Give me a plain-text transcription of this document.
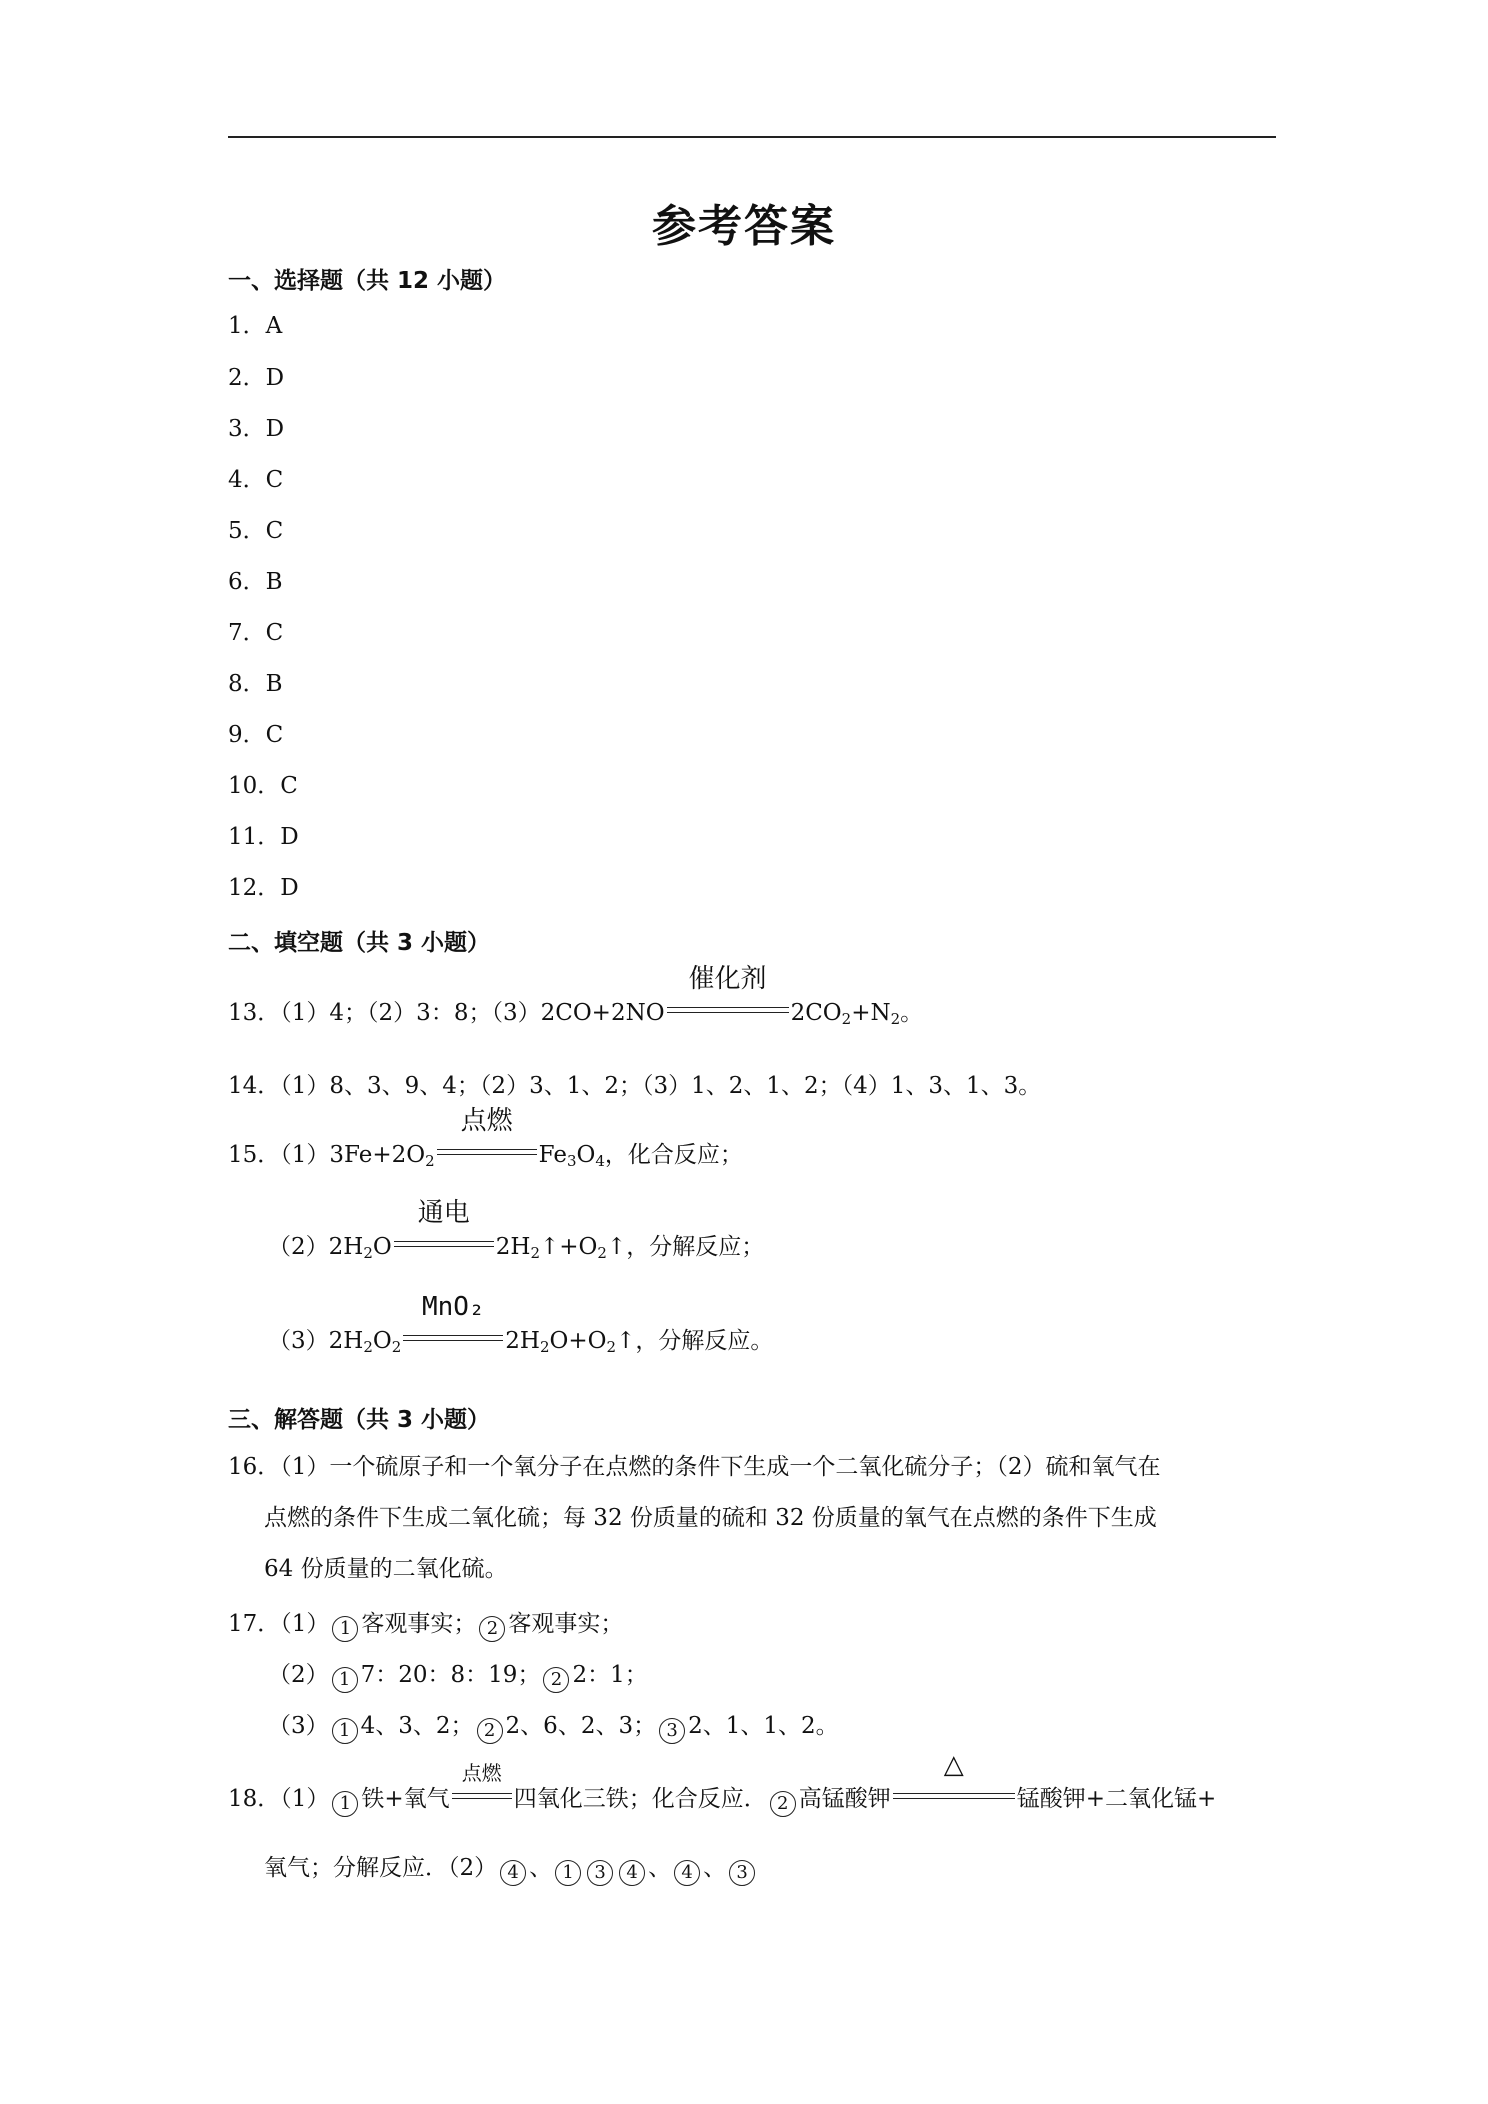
参考答案
一、选择题（共 12 小题）
1．A
2．D
3．D
4．C
5．C
6．B
7．C
8．B
9．C
10．C
11．D
12．D
二、填空题（共 3 小题）
13．（1）4；（2）3：8；（3）2CO+2NO
催化剂
$2CO_2+N_2$。
14．（1）8、3、9、4；（2）3、1、2；（3）1、2、1、2；（4）1、3、1、3。
15．$(1)3Fe+2O_2$
点燃
$Fe_3O_4$，化合反应；
$(2)2H_2O$
通电
$2H_2↑+O_2↑$，分解反应；
$(3)2H_2O_2$
MnO₂
$2H_2O+O_2↑$，分解反应。
三、解答题（共 3 小题）
16．（1）一个硫原子和一个氧分子在点燃的条件下生成一个二氧化硫分子；（2）硫和氧气在
点燃的条件下生成二氧化硫；每 32 份质量的硫和 32 份质量的氧气在点燃的条件下生成
64 份质量的二氧化硫。
17．（1） 1 客观事实； 2 客观事实；
（2） 1 7：20：8：19； 2 2：1；
（3） 1 4、3、2； 2 2、6、2、3； 3 2、1、1、2。
18．（1） 1 铁+氧气
点燃
四氧化三铁；化合反应． 2 高锰酸钾
△
锰酸钾+二氧化锰+
氧气；分解反应．（2） 4 、 1 3 4 、 4 、 3
